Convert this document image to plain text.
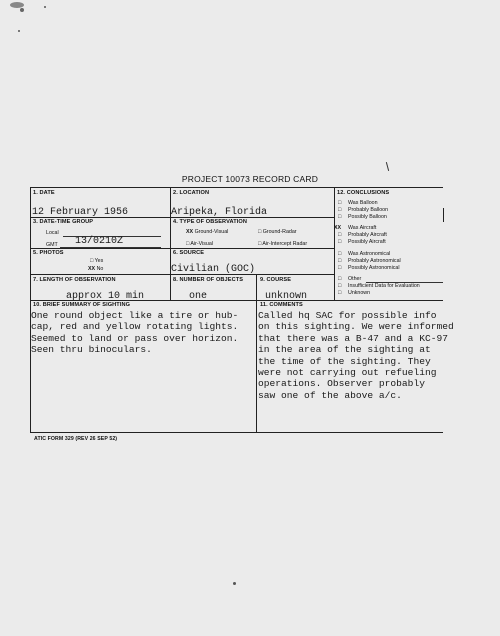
PROJECT 10073 RECORD CARD
1. DATE
12 February 1956
2. LOCATION
Aripeka, Florida
3. DATE-TIME GROUP
Local
GMT 13/0210Z
4. TYPE OF OBSERVATION
XX Ground-Visual	□ Ground-Radar
□ Air-Visual	□ Air-Intercept Radar
5. PHOTOS
□ Yes
XX No
6. SOURCE
Civilian (GOC)
7. LENGTH OF OBSERVATION
approx 10 min
8. NUMBER OF OBJECTS
one
9. COURSE
unknown
10. BRIEF SUMMARY OF SIGHTING
One round object like a tire or hub-
cap, red and yellow rotating lights.
Seemed to land or pass over horizon.
Seen thru binoculars.
11. COMMENTS
Called hq SAC for possible info
on this sighting. We were informed
that there was a B-47 and a KC-97
in the area of the sighting at
the time of the sighting. They
were not carrying out refueling
operations. Observer probably
saw one of the above a/c.
12. CONCLUSIONS
□ Was Balloon
□ Probably Balloon
□ Possibly Balloon
XX Was Aircraft
□ Probably Aircraft
□ Possibly Aircraft
□ Was Astronomical
□ Probably Astronomical
□ Possibly Astronomical
□ Other
□ Insufficient Data for Evaluation
□ Unknown
ATIC FORM 329 (REV 26 SEP 52)
